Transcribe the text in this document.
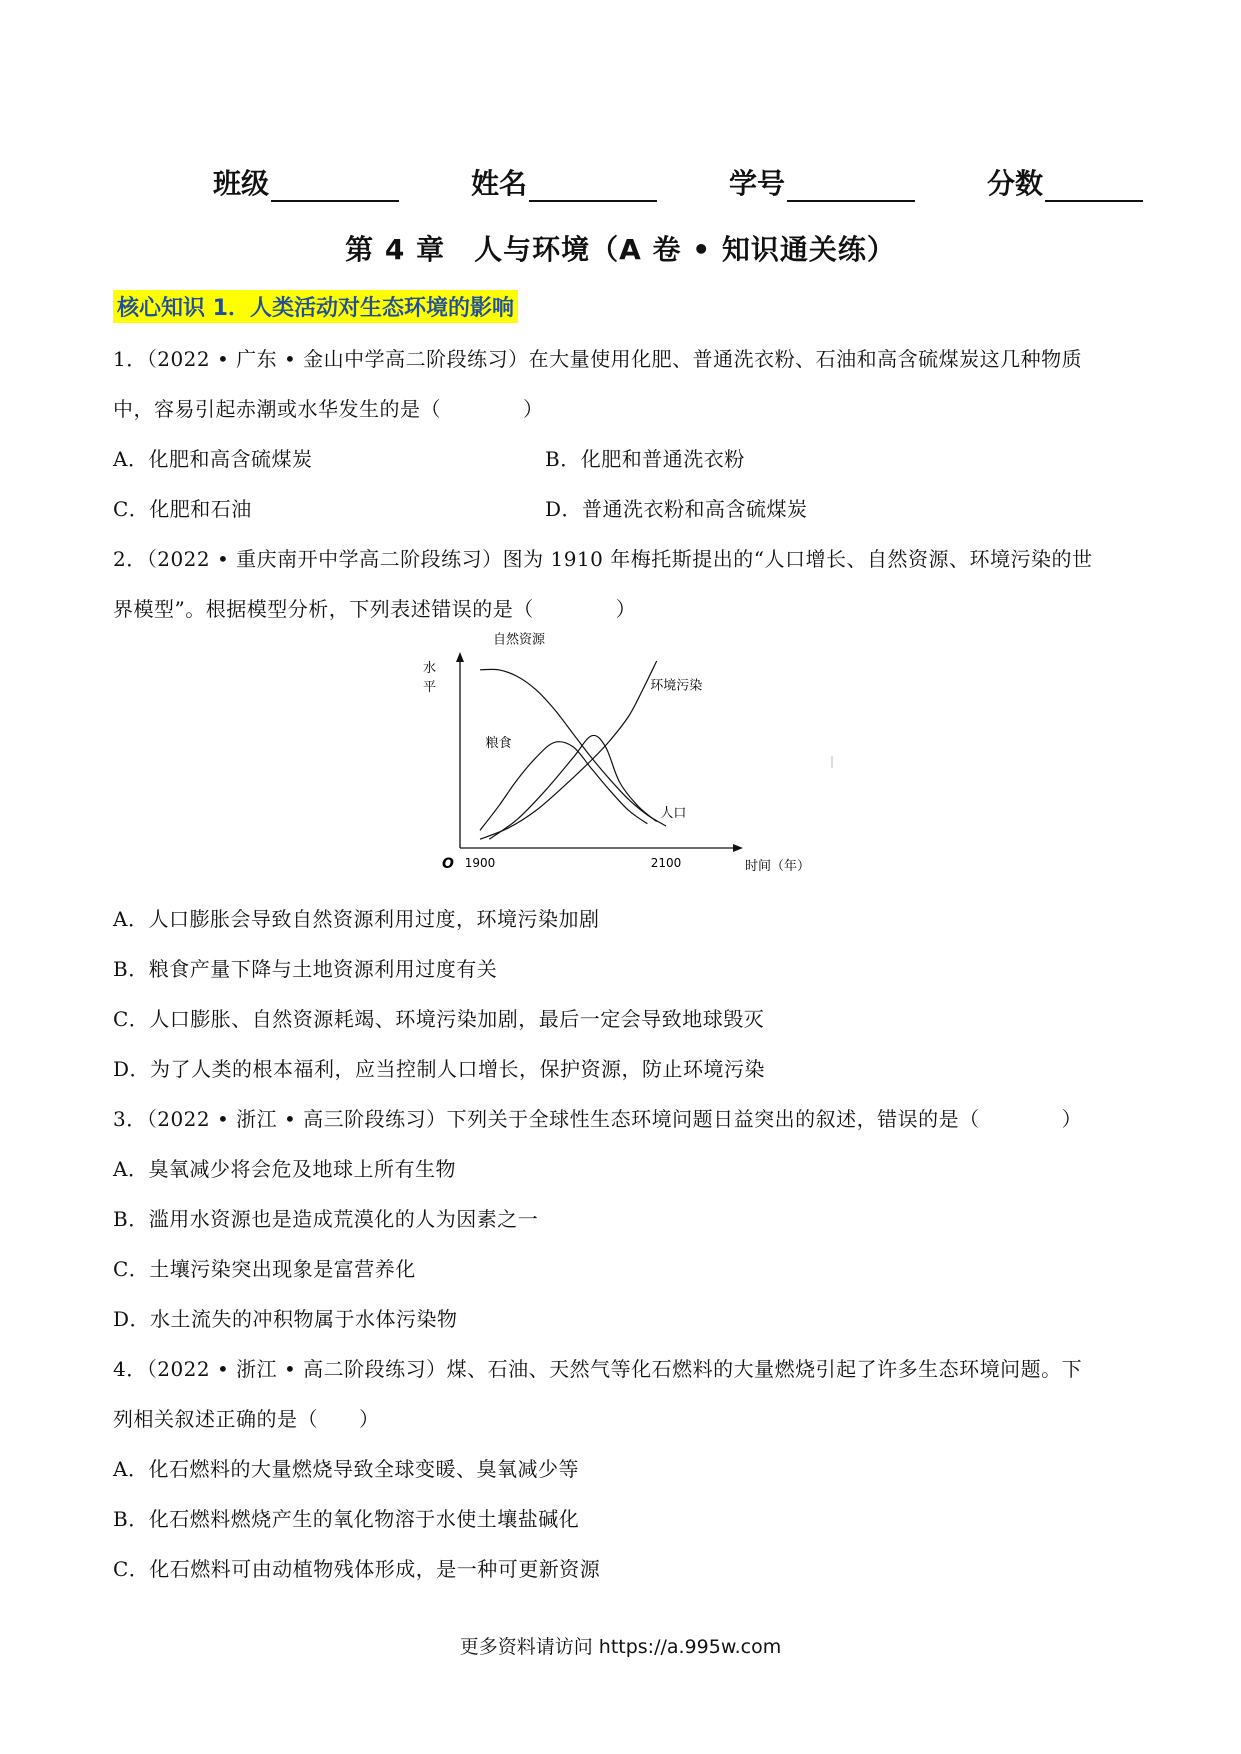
班级	姓名	学号	分数
第 4 章　人与环境（A 卷 • 知识通关练）
核心知识 1．人类活动对生态环境的影响
1．（2022 • 广东 • 金山中学高二阶段练习）在大量使用化肥、普通洗衣粉、石油和高含硫煤炭这几种物质
中，容易引起赤潮或水华发生的是（　　　　）
A．化肥和高含硫煤炭	B．化肥和普通洗衣粉
C．化肥和石油	D．普通洗衣粉和高含硫煤炭
2．（2022 • 重庆南开中学高二阶段练习）图为 1910 年梅托斯提出的“人口增长、自然资源、环境污染的世
界模型”。根据模型分析，下列表述错误的是（　　　　）
水
平
O 1900	2100	时间（年）
自然资源
环境污染
粮食
人口
A．人口膨胀会导致自然资源利用过度，环境污染加剧
B．粮食产量下降与土地资源利用过度有关
C．人口膨胀、自然资源耗竭、环境污染加剧，最后一定会导致地球毁灭
D．为了人类的根本福利，应当控制人口增长，保护资源，防止环境污染
3．（2022 • 浙江 • 高三阶段练习）下列关于全球性生态环境问题日益突出的叙述，错误的是（　　　　）
A．臭氧减少将会危及地球上所有生物
B．滥用水资源也是造成荒漠化的人为因素之一
C．土壤污染突出现象是富营养化
D．水土流失的冲积物属于水体污染物
4．（2022 • 浙江 • 高二阶段练习）煤、石油、天然气等化石燃料的大量燃烧引起了许多生态环境问题。下
列相关叙述正确的是（　　）
A．化石燃料的大量燃烧导致全球变暖、臭氧减少等
B．化石燃料燃烧产生的氧化物溶于水使土壤盐碱化
C．化石燃料可由动植物残体形成，是一种可更新资源
更多资料请访问 https://a.995w.com
